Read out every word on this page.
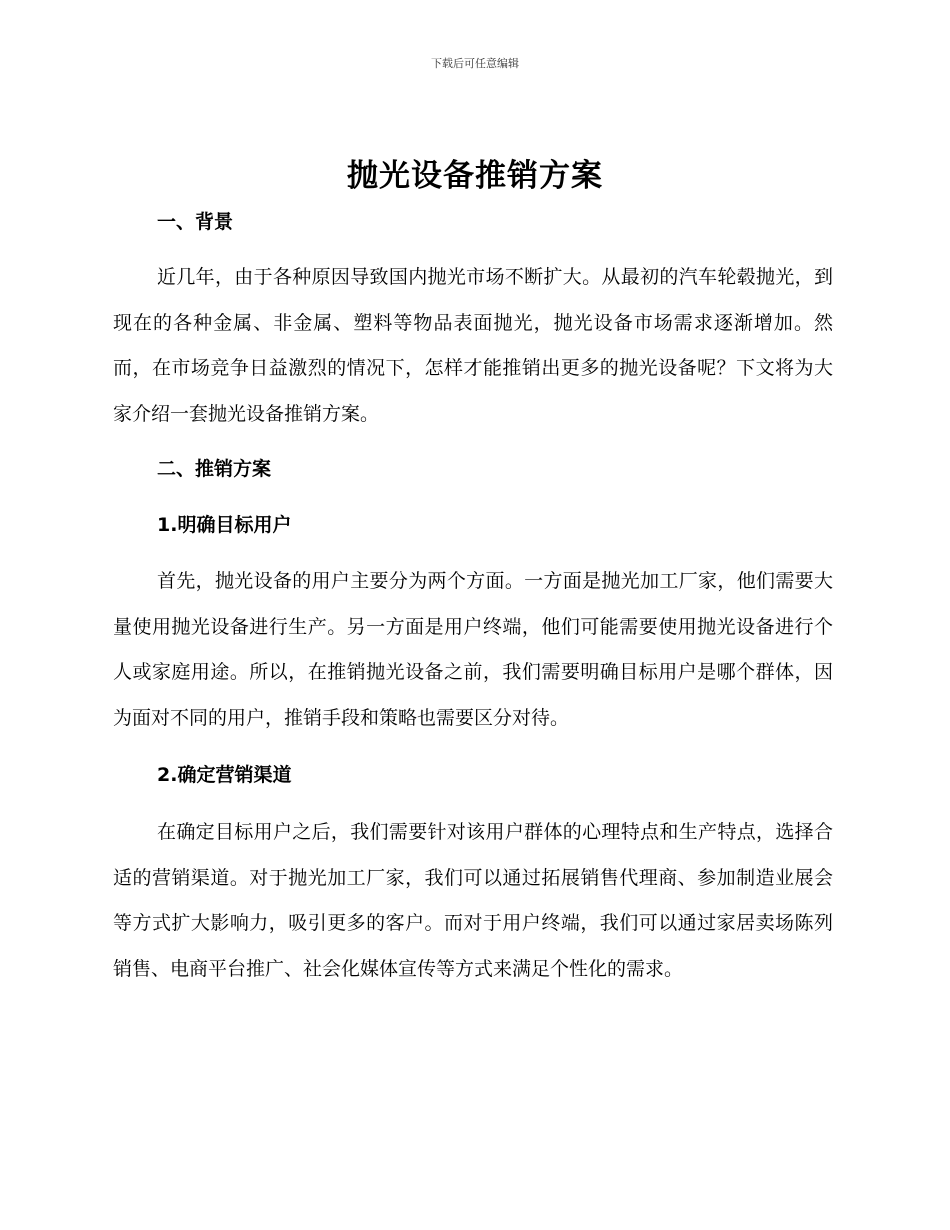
下载后可任意编辑
抛光设备推销方案

一、背景

近几年，由于各种原因导致国内抛光市场不断扩大。从最初的汽车轮毂抛光，到现在的各种金属、非金属、塑料等物品表面抛光，抛光设备市场需求逐渐增加。然而，在市场竞争日益激烈的情况下，怎样才能推销出更多的抛光设备呢？下文将为大家介绍一套抛光设备推销方案。

二、推销方案

1.明确目标用户

首先，抛光设备的用户主要分为两个方面。一方面是抛光加工厂家，他们需要大量使用抛光设备进行生产。另一方面是用户终端，他们可能需要使用抛光设备进行个人或家庭用途。所以，在推销抛光设备之前，我们需要明确目标用户是哪个群体，因为面对不同的用户，推销手段和策略也需要区分对待。

2.确定营销渠道

在确定目标用户之后，我们需要针对该用户群体的心理特点和生产特点，选择合适的营销渠道。对于抛光加工厂家，我们可以通过拓展销售代理商、参加制造业展会等方式扩大影响力，吸引更多的客户。而对于用户终端，我们可以通过家居卖场陈列销售、电商平台推广、社会化媒体宣传等方式来满足个性化的需求。
